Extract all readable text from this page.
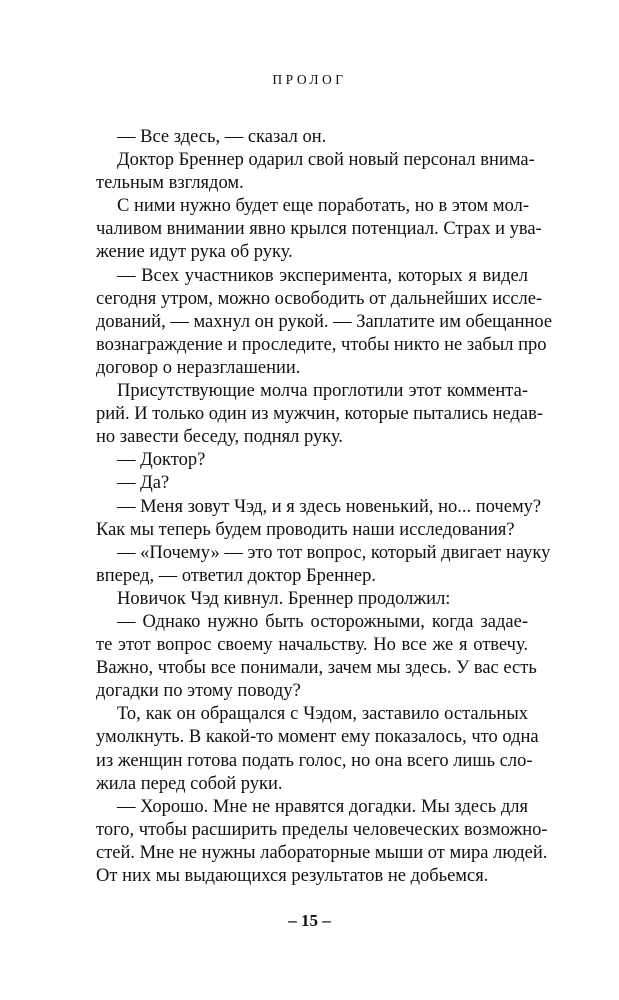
ПРОЛОГ
— Все здесь, — сказал он.
Доктор Бреннер одарил свой новый персонал внима-
тельным взглядом.
С ними нужно будет еще поработать, но в этом мол-
чаливом внимании явно крылся потенциал. Страх и ува-
жение идут рука об руку.
— Всех участников эксперимента, которых я видел
сегодня утром, можно освободить от дальнейших иссле-
дований, — махнул он рукой. — Заплатите им обещанное
вознаграждение и проследите, чтобы никто не забыл про
договор о неразглашении.
Присутствующие молча проглотили этот коммента-
рий. И только один из мужчин, которые пытались недав-
но завести беседу, поднял руку.
— Доктор?
— Да?
— Меня зовут Чэд, и я здесь новенький, но... почему?
Как мы теперь будем проводить наши исследования?
— «Почему» — это тот вопрос, который двигает науку
вперед, — ответил доктор Бреннер.
Новичок Чэд кивнул. Бреннер продолжил:
— Однако нужно быть осторожными, когда задае-
те этот вопрос своему начальству. Но все же я отвечу.
Важно, чтобы все понимали, зачем мы здесь. У вас есть
догадки по этому поводу?
То, как он обращался с Чэдом, заставило остальных
умолкнуть. В какой-то момент ему показалось, что одна
из женщин готова подать голос, но она всего лишь сло-
жила перед собой руки.
— Хорошо. Мне не нравятся догадки. Мы здесь для
того, чтобы расширить пределы человеческих возможно-
стей. Мне не нужны лабораторные мыши от мира людей.
От них мы выдающихся результатов не добьемся.
– 15 –
